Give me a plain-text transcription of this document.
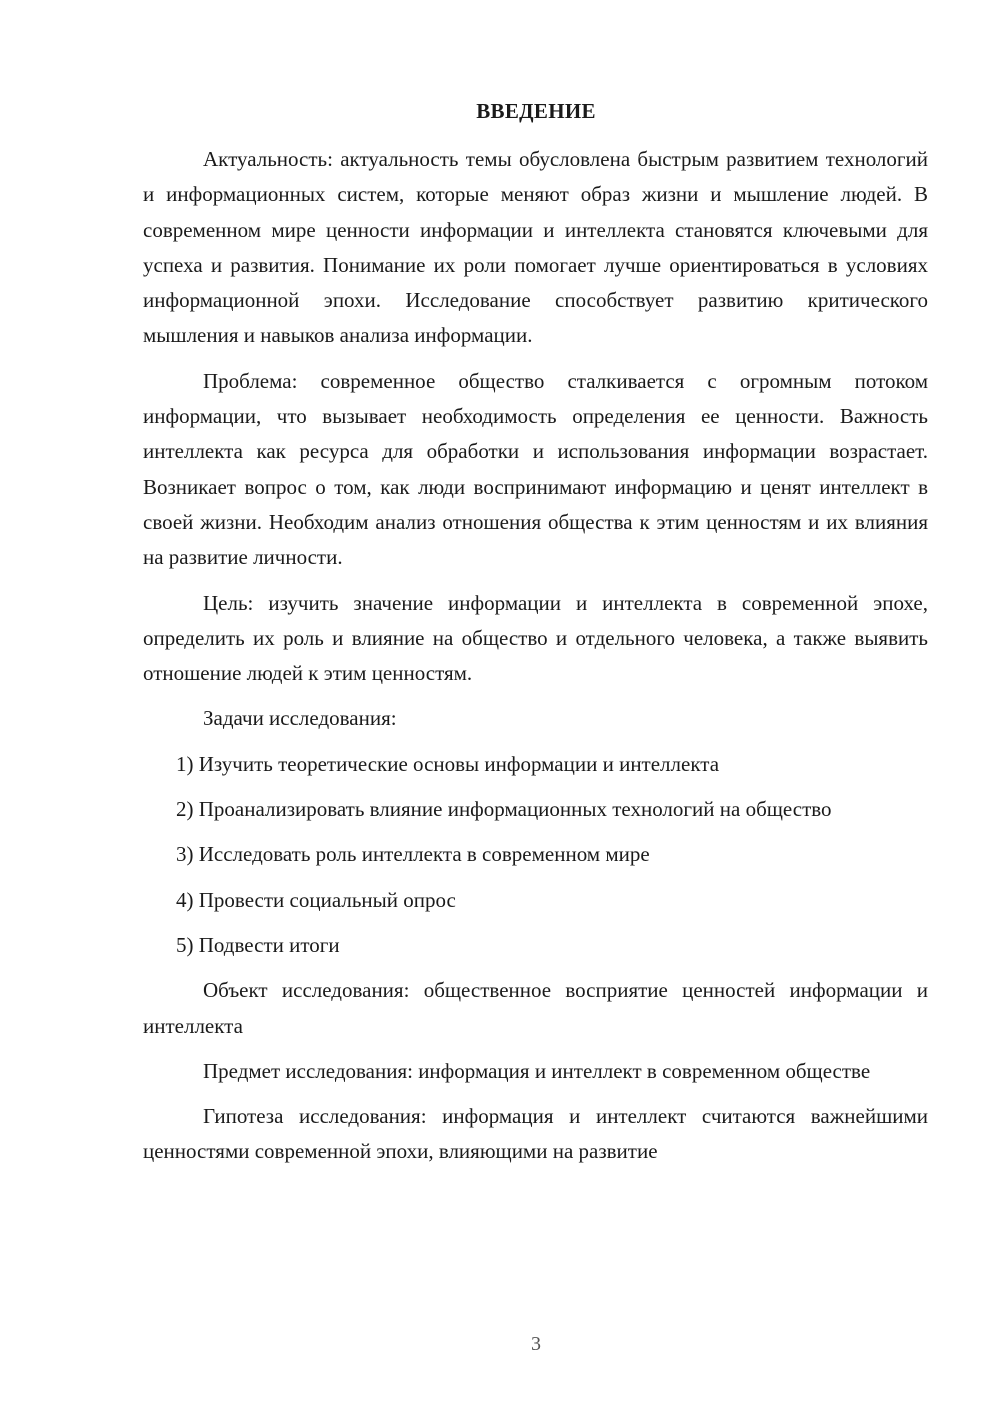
ВВЕДЕНИЕ

Актуальность: актуальность темы обусловлена быстрым развитием технологий и информационных систем, которые меняют образ жизни и мышление людей. В современном мире ценности информации и интеллекта становятся ключевыми для успеха и развития. Понимание их роли помогает лучше ориентироваться в условиях информационной эпохи. Исследование способствует развитию критического мышления и навыков анализа информации.

Проблема: современное общество сталкивается с огромным потоком информации, что вызывает необходимость определения ее ценности. Важность интеллекта как ресурса для обработки и использования информации возрастает. Возникает вопрос о том, как люди воспринимают информацию и ценят интеллект в своей жизни. Необходим анализ отношения общества к этим ценностям и их влияния на развитие личности.

Цель: изучить значение информации и интеллекта в современной эпохе, определить их роль и влияние на общество и отдельного человека, а также выявить отношение людей к этим ценностям.

Задачи исследования:

1) Изучить теоретические основы информации и интеллекта

2) Проанализировать влияние информационных технологий на общество

3) Исследовать роль интеллекта в современном мире

4) Провести социальный опрос

5) Подвести итоги

Объект исследования: общественное восприятие ценностей информации и интеллекта

Предмет исследования: информация и интеллект в современном обществе

Гипотеза исследования: информация и интеллект считаются важнейшими ценностями современной эпохи, влияющими на развитие

3
